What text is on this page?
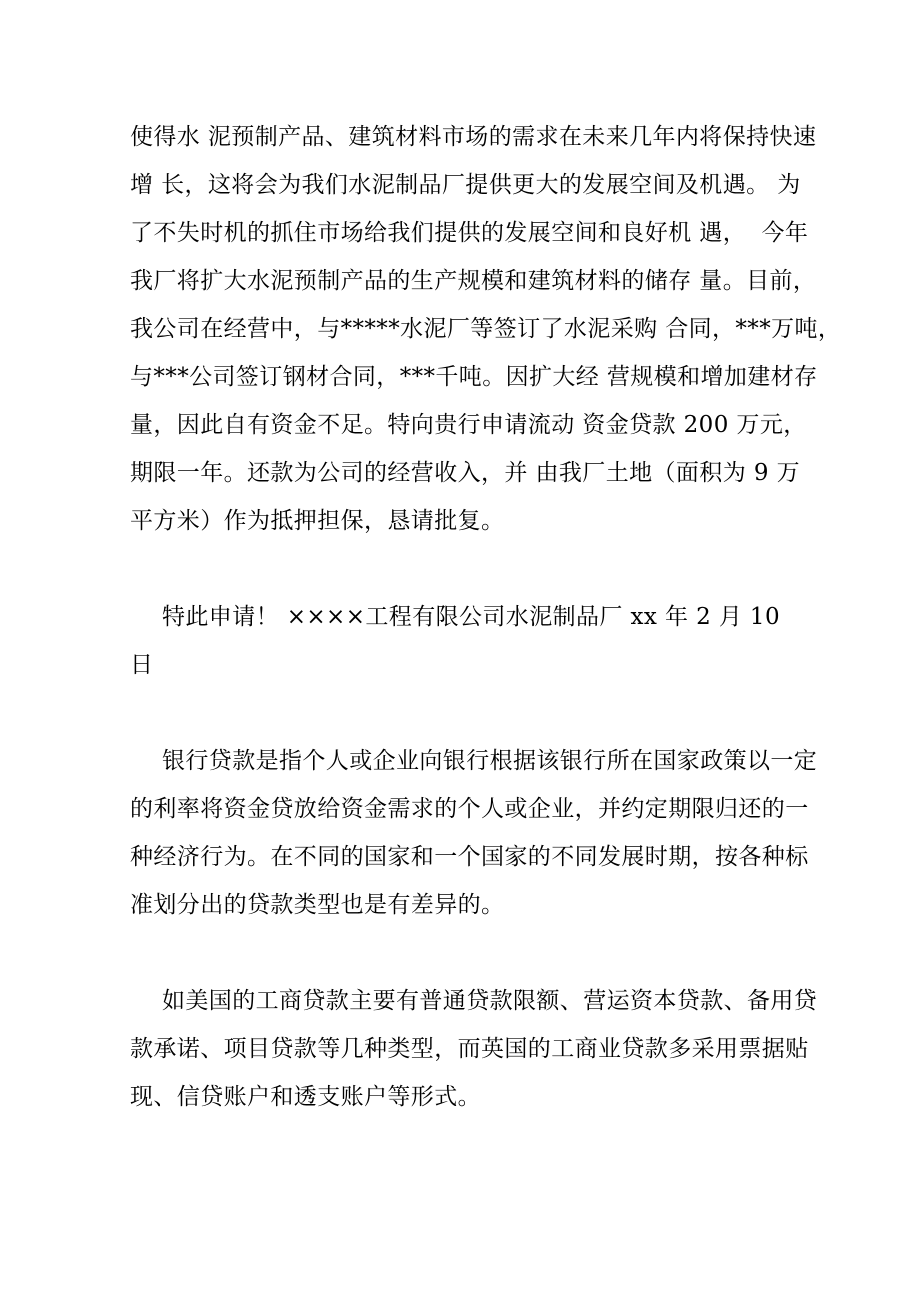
使得水 泥预制产品、建筑材料市场的需求在未来几年内将保持快速
增 长，这将会为我们水泥制品厂提供更大的发展空间及机遇。 为
了不失时机的抓住市场给我们提供的发展空间和良好机 遇，  今年
我厂将扩大水泥预制产品的生产规模和建筑材料的储存 量。目前，
我公司在经营中，与*****水泥厂等签订了水泥采购 合同，***万吨，
与***公司签订钢材合同，***千吨。因扩大经 营规模和增加建材存
量，因此自有资金不足。特向贵行申请流动 资金贷款 200 万元，
期限一年。还款为公司的经营收入，并 由我厂土地（面积为 9 万
平方米）作为抵押担保，恳请批复。
特此申请！ ××××工程有限公司水泥制品厂 xx 年 2 月 10
日
银行贷款是指个人或企业向银行根据该银行所在国家政策以一定
的利率将资金贷放给资金需求的个人或企业，并约定期限归还的一
种经济行为。在不同的国家和一个国家的不同发展时期，按各种标
准划分出的贷款类型也是有差异的。
如美国的工商贷款主要有普通贷款限额、营运资本贷款、备用贷
款承诺、项目贷款等几种类型，而英国的工商业贷款多采用票据贴
现、信贷账户和透支账户等形式。
